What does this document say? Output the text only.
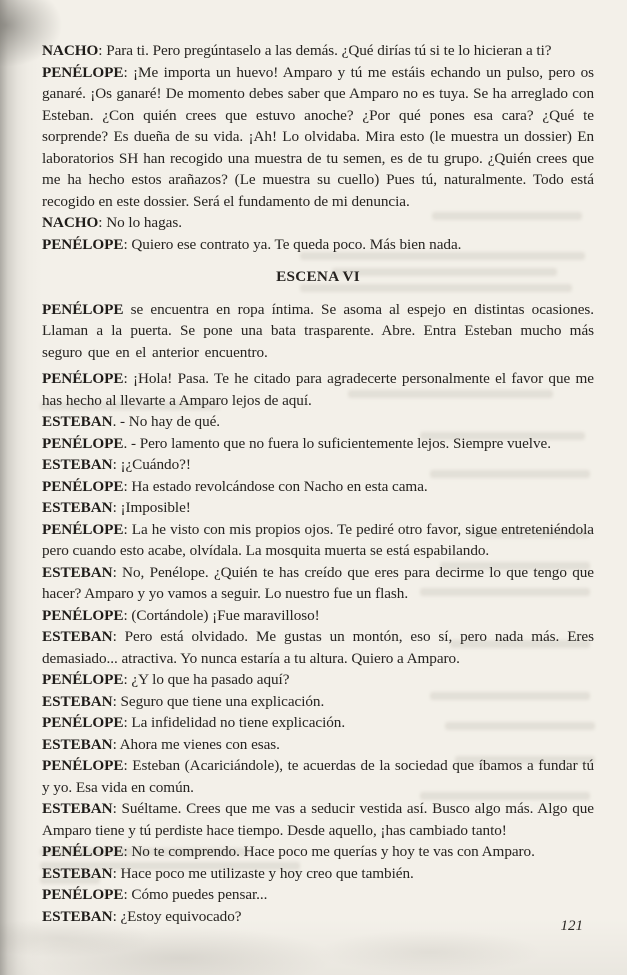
NACHO: Para ti. Pero pregúntaselo a las demás. ¿Qué dirías tú si te lo hicieran a ti?

PENÉLOPE: ¡Me importa un huevo! Amparo y tú me estáis echando un pulso, pero os ganaré. ¡Os ganaré! De momento debes saber que Amparo no es tuya. Se ha arreglado con Esteban. ¿Con quién crees que estuvo anoche? ¿Por qué pones esa cara? ¿Qué te sorprende? Es dueña de su vida. ¡Ah! Lo olvidaba. Mira esto (le muestra un dossier) En laboratorios SH han recogido una muestra de tu semen, es de tu grupo. ¿Quién crees que me ha hecho estos arañazos? (Le muestra su cuello) Pues tú, naturalmente. Todo está recogido en este dossier. Será el fundamento de mi denuncia.

NACHO: No lo hagas.

PENÉLOPE: Quiero ese contrato ya. Te queda poco. Más bien nada.

ESCENA VI

PENÉLOPE se encuentra en ropa íntima. Se asoma al espejo en distintas ocasiones. Llaman a la puerta. Se pone una bata trasparente. Abre. Entra Esteban mucho más seguro que en el anterior encuentro.

PENÉLOPE: ¡Hola! Pasa. Te he citado para agradecerte personalmente el favor que me has hecho al llevarte a Amparo lejos de aquí.

ESTEBAN. - No hay de qué.

PENÉLOPE. - Pero lamento que no fuera lo suficientemente lejos. Siempre vuelve.

ESTEBAN: ¡¿Cuándo?!

PENÉLOPE: Ha estado revolcándose con Nacho en esta cama.

ESTEBAN: ¡Imposible!

PENÉLOPE: La he visto con mis propios ojos. Te pediré otro favor, sigue entreteniéndola pero cuando esto acabe, olvídala. La mosquita muerta se está espabilando.

ESTEBAN: No, Penélope. ¿Quién te has creído que eres para decirme lo que tengo que hacer? Amparo y yo vamos a seguir. Lo nuestro fue un flash.

PENÉLOPE: (Cortándole) ¡Fue maravilloso!

ESTEBAN: Pero está olvidado. Me gustas un montón, eso sí, pero nada más. Eres demasiado... atractiva. Yo nunca estaría a tu altura. Quiero a Amparo.

PENÉLOPE: ¿Y lo que ha pasado aquí?

ESTEBAN: Seguro que tiene una explicación.

PENÉLOPE: La infidelidad no tiene explicación.

ESTEBAN: Ahora me vienes con esas.

PENÉLOPE: Esteban (Acariciándole), te acuerdas de la sociedad que íbamos a fundar tú y yo. Esa vida en común.

ESTEBAN: Suéltame. Crees que me vas a seducir vestida así. Busco algo más. Algo que Amparo tiene y tú perdiste hace tiempo. Desde aquello, ¡has cambiado tanto!

PENÉLOPE: No te comprendo. Hace poco me querías y hoy te vas con Amparo.

ESTEBAN: Hace poco me utilizaste y hoy creo que también.

PENÉLOPE: Cómo puedes pensar...

ESTEBAN: ¿Estoy equivocado?

121
